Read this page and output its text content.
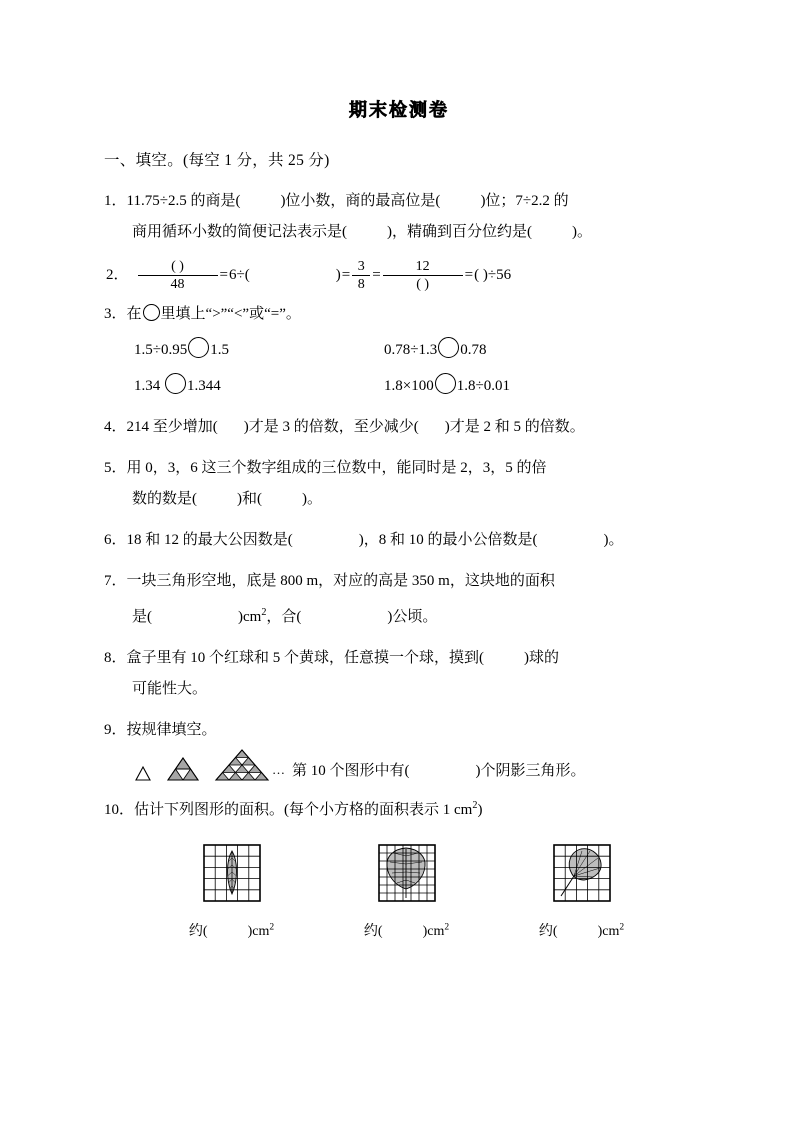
期末检测卷
一、填空。(每空 1 分，共 25 分)
1．11.75÷2.5 的商是(	)位小数，商的最高位是(	)位；7÷2.2 的
商用循环小数的简便记法表示是(	)，精确到百分位约是(	)。
2． $\frac{( )}{48} = 6\div$(	) = $\frac{3}{8} = \frac{12}{( )}$ = ( )÷56
3．在 里填上“>”“<”或“=”。
1.5÷0.95 1.5	0.78÷1.3 0.78
1.34 1.344	1.8×100 1.8÷0.01
4．214 至少增加( )才是 3 的倍数，至少减少( )才是 2 和 5 的倍数。
5．用 0，3，6 这三个数字组成的三位数中，能同时是 2，3，5 的倍
数的数是(	)和(	)。
6．18 和 12 的最大公因数是(	)，8 和 10 的最小公倍数是(	)。
7．一块三角形空地，底是 800 m，对应的高是 350 m，这块地的面积
是(	)$cm^2$，合(	)公顷。
8．盒子里有 10 个红球和 5 个黄球，任意摸一个球，摸到(	)球的
可能性大。
9．按规律填空。
… 第 10 个图形中有(	)个阴影三角形。
10．估计下列图形的面积。(每个小方格的面积表示 1 $cm^2$)
约(	)$cm^2$	约(	)$cm^2$	约(	)$cm^2$
